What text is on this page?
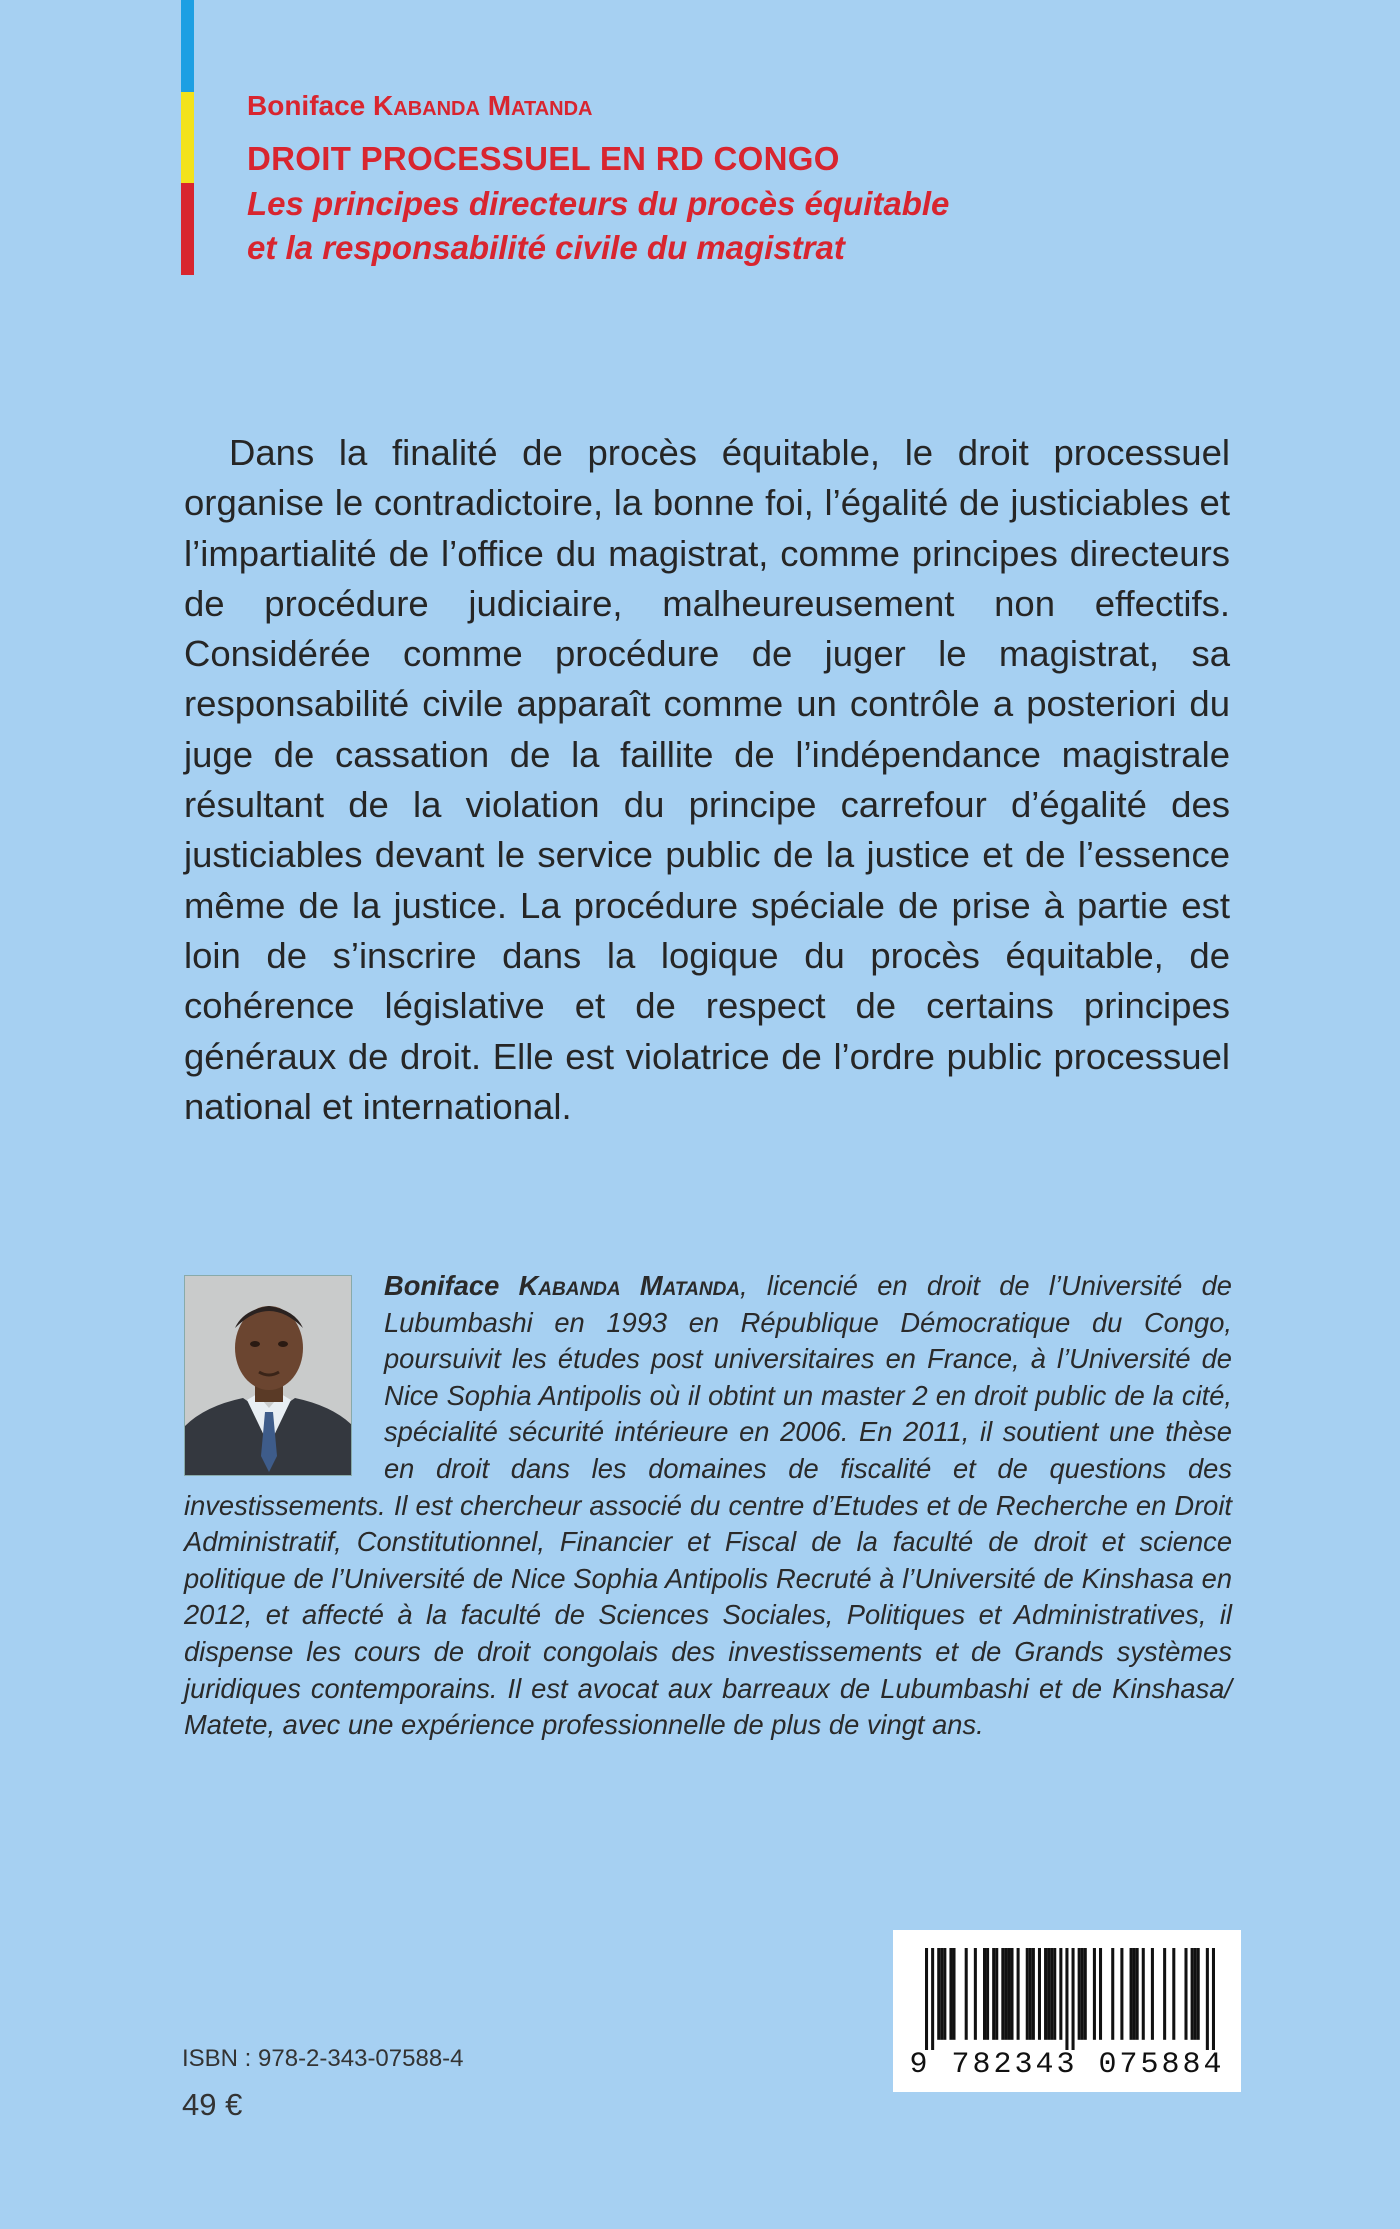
Boniface Kabanda Matanda
DROIT PROCESSUEL EN RD CONGO
Les principes directeurs du procès équitable
et la responsabilité civile du magistrat

Dans la finalité de procès équitable, le droit processuel organise le contradictoire, la bonne foi, l’égalité de justiciables et l’impartialité de l’office du magistrat, comme principes directeurs de procédure judiciaire, malheureusement non effectifs. Considérée comme procédure de juger le magistrat, sa responsabilité civile apparaît comme un contrôle a posteriori du juge de cassation de la faillite de l’indépendance magistrale résultant de la violation du principe carrefour d’égalité des justiciables devant le service public de la justice et de l’essence même de la justice. La procédure spéciale de prise à partie est loin de s’inscrire dans la logique du procès équitable, de cohérence législative et de respect de certains principes généraux de droit. Elle est violatrice de l’ordre public processuel national et international.

Boniface Kabanda Matanda, licencié en droit de l’Université de Lubumbashi en 1993 en République Démocratique du Congo, poursuivit les études post universitaires en France, à l’Université de Nice Sophia Antipolis où il obtint un master 2 en droit public de la cité, spécialité sécurité intérieure en 2006. En 2011, il soutient une thèse en droit dans les domaines de fiscalité et de questions des investissements. Il est chercheur associé du centre d’Etudes et de Recherche en Droit Administratif, Constitutionnel, Financier et Fiscal de la faculté de droit et science politique de l’Université de Nice Sophia Antipolis Recruté à l’Université de Kinshasa en 2012, et affecté à la faculté de Sciences Sociales, Politiques et Administratives, il dispense les cours de droit congolais des investissements et de Grands systèmes juridiques contemporains. Il est avocat aux barreaux de Lubumbashi et de Kinshasa/ Matete, avec une expérience professionnelle de plus de vingt ans.

ISBN : 978-2-343-07588-4
49 €
9 782343 075884
